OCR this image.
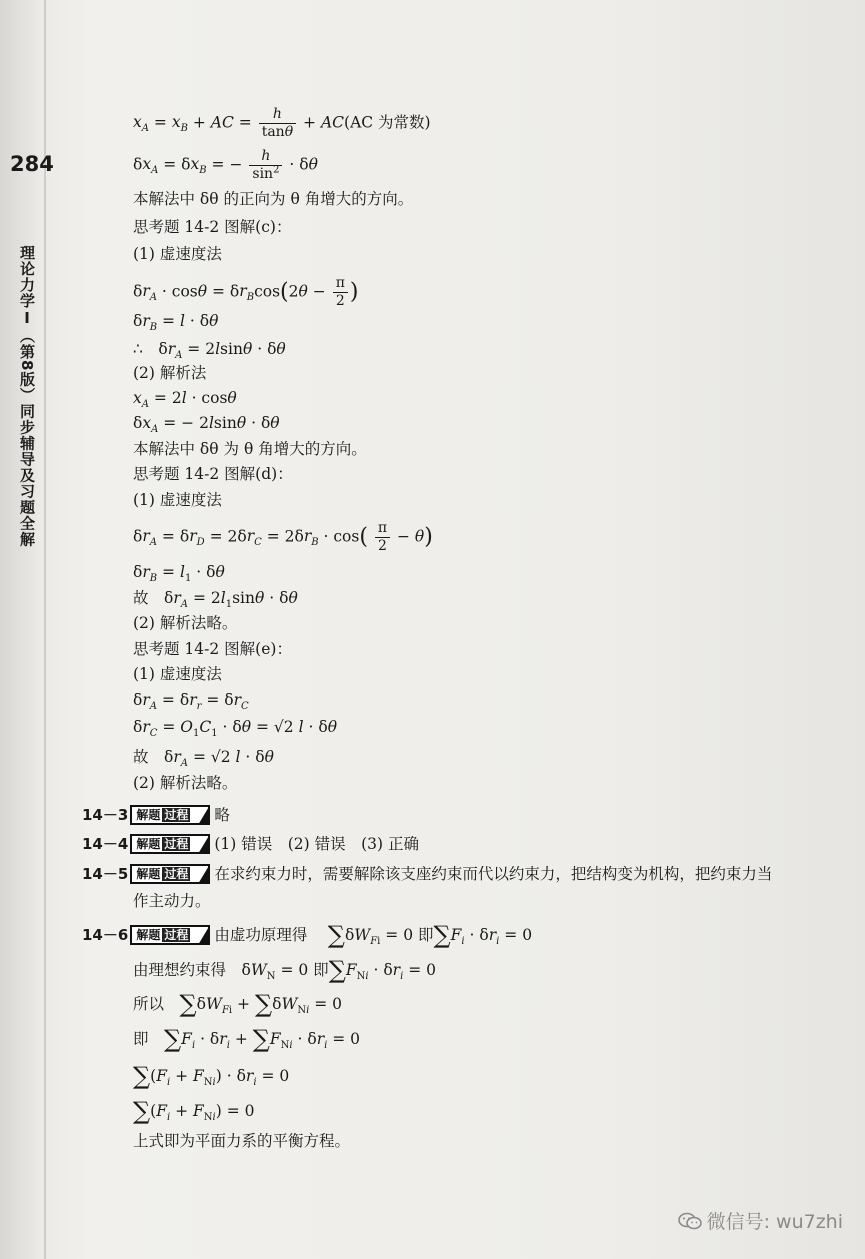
284
理论力学Ⅰ（第8版）同步辅导及习题全解
$x_A = x_B$ + AC = $\frac{h}{\tan\theta} + AC(AC$ 为常数)
$\delta x_A = \delta x_B$ = − $\frac{h}{\sin^2} \cdot \delta\theta$
本解法中 δθ 的正向为 θ 角增大的方向。
思考题 14-2 图解(c)：
(1) 虚速度法
$\delta r_A \cdot \cos\theta = \delta r_B\cos(2\theta - \frac{\pi}{2}$ )
$\delta r_B = l \cdot \delta\theta$
∴　$\delta r_A = 2lsin\theta \cdot \delta\theta$
(2) 解析法
$x_A = 2l \cdot \cos\theta$
$\delta x_A$ = − 2lsinθ · δθ
本解法中 δθ 为 θ 角增大的方向。
思考题 14-2 图解(d)：
(1) 虚速度法
$\delta r_A = \delta r_D = 2\delta r_C = 2\delta r_B \cdot \cos( \frac{\pi}{2} - \theta)$
$\delta r_B = l_1 \cdot \delta\theta$
故　$\delta r_A = 2l_1\sin\theta \cdot \delta\theta$
(2) 解析法略。
思考题 14-2 图解(e)：
(1) 虚速度法
$\delta r_A = \delta r_r = \delta r_C$
$\delta r_C = O_1C_1 \cdot \delta\theta = √2$ l · δθ
故　$\delta r_A = √2$ l · δθ
(2) 解析法略。
14－3 解题 过程 略
14－4 解题 过程 (1) 错误　(2) 错误　(3) 正确
14－5 解题 过程 在求约束力时，需要解除该支座约束而代以约束力，把结构变为机构，把约束力当
作主动力。
14－6 解题 过程 由虚功原理得 　 $\sum\delta W_{Fi} = 0$ 即$\sum F_i \cdot \delta r_i = 0$
由理想约束得　$\delta W_N = 0$ 即$\sum F_{Ni} \cdot \delta r_i = 0$
所以　 $\sum\delta W_{Fi} + \sum\delta W_{Ni} = 0$
即　 $\sum F_i \cdot \delta r_i + \sum F_{Ni} \cdot \delta r_i = 0$
$\sum(F_i + F_{Ni}) \cdot \delta r_i = 0$
$\sum(F_i + F_{Ni}) = 0$
上式即为平面力系的平衡方程。
微信号: wu7zhi
